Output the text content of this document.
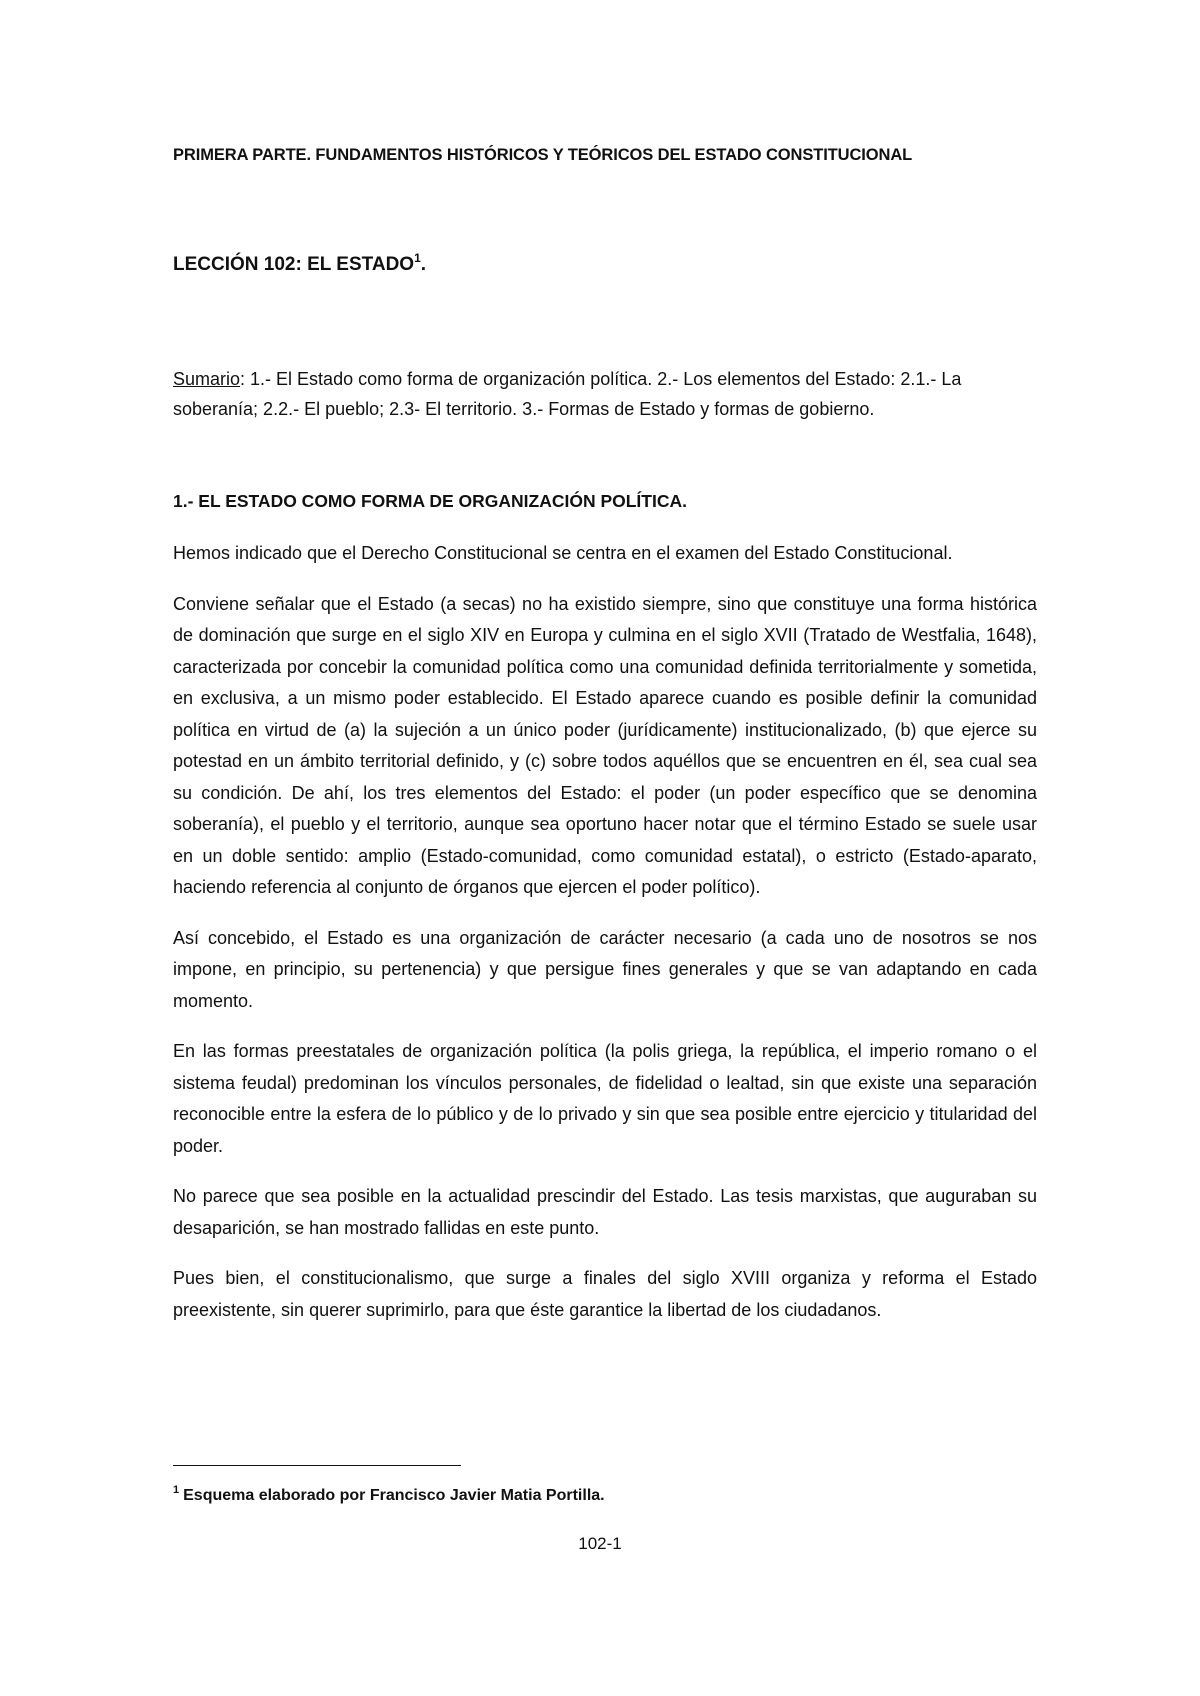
PRIMERA PARTE. FUNDAMENTOS HISTÓRICOS Y TEÓRICOS DEL ESTADO CONSTITUCIONAL
LECCIÓN 102: EL ESTADO$^1$.
Sumario: 1.- El Estado como forma de organización política. 2.- Los elementos del Estado: 2.1.- La soberanía; 2.2.- El pueblo; 2.3- El territorio. 3.- Formas de Estado y formas de gobierno.
1.- EL ESTADO COMO FORMA DE ORGANIZACIÓN POLÍTICA.

Hemos indicado que el Derecho Constitucional se centra en el examen del Estado Constitucional.

Conviene señalar que el Estado (a secas) no ha existido siempre, sino que constituye una forma histórica de dominación que surge en el siglo XIV en Europa y culmina en el siglo XVII (Tratado de Westfalia, 1648), caracterizada por concebir la comunidad política como una comunidad definida territorialmente y sometida, en exclusiva, a un mismo poder establecido. El Estado aparece cuando es posible definir la comunidad política en virtud de (a) la sujeción a un único poder (jurídicamente) institucionalizado, (b) que ejerce su potestad en un ámbito territorial definido, y (c) sobre todos aquéllos que se encuentren en él, sea cual sea su condición. De ahí, los tres elementos del Estado: el poder (un poder específico que se denomina soberanía), el pueblo y el territorio, aunque sea oportuno hacer notar que el término Estado se suele usar en un doble sentido: amplio (Estado-comunidad, como comunidad estatal), o estricto (Estado-aparato, haciendo referencia al conjunto de órganos que ejercen el poder político).

Así concebido, el Estado es una organización de carácter necesario (a cada uno de nosotros se nos impone, en principio, su pertenencia) y que persigue fines generales y que se van adaptando en cada momento.

En las formas preestatales de organización política (la polis griega, la república, el imperio romano o el sistema feudal) predominan los vínculos personales, de fidelidad o lealtad, sin que existe una separación reconocible entre la esfera de lo público y de lo privado y sin que sea posible entre ejercicio y titularidad del poder.

No parece que sea posible en la actualidad prescindir del Estado. Las tesis marxistas, que auguraban su desaparición, se han mostrado fallidas en este punto.

Pues bien, el constitucionalismo, que surge a finales del siglo XVIII organiza y reforma el Estado preexistente, sin querer suprimirlo, para que éste garantice la libertad de los ciudadanos.

$^1$ Esquema elaborado por Francisco Javier Matia Portilla.
102-1
